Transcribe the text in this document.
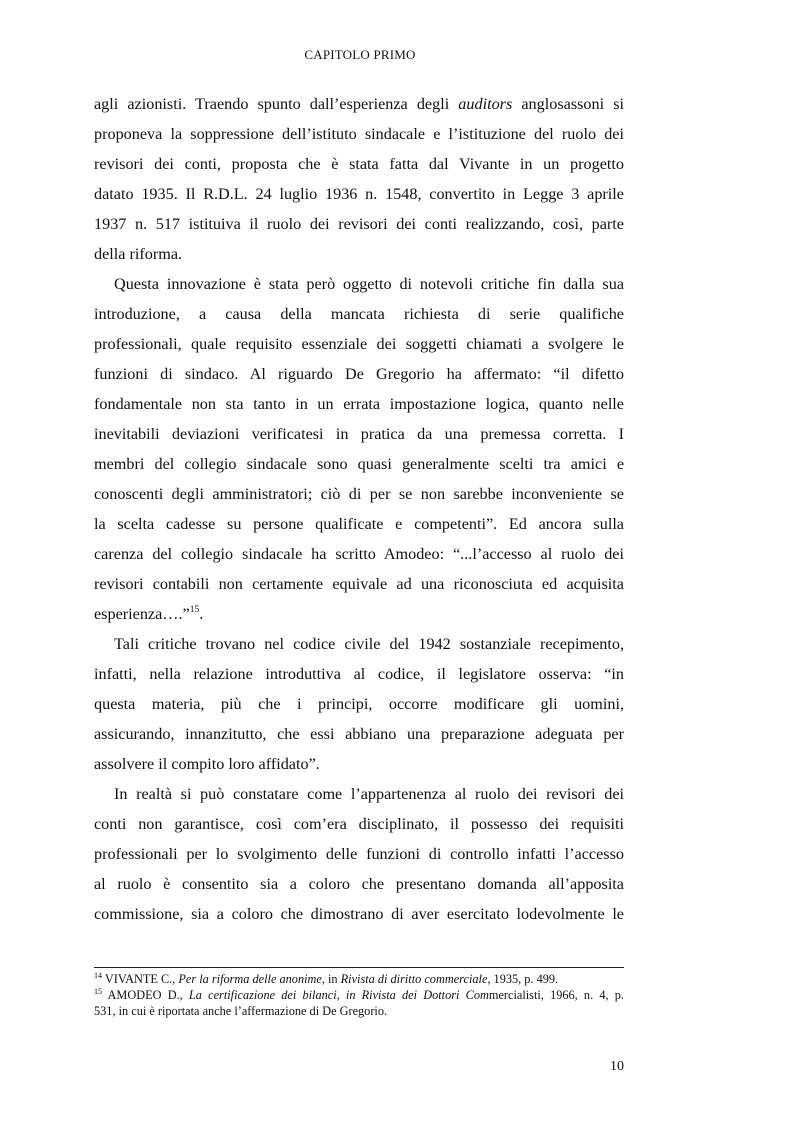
CAPITOLO PRIMO
agli azionisti. Traendo spunto dall’esperienza degli auditors anglosassoni si
proponeva la soppressione dell’istituto sindacale e l’istituzione del ruolo dei
revisori dei conti, proposta che è stata fatta dal Vivante in un progetto
datato 1935. Il R.D.L. 24 luglio 1936 n. 1548, convertito in Legge 3 aprile
1937 n. 517 istituiva il ruolo dei revisori dei conti realizzando, così, parte
della riforma.
Questa innovazione è stata però oggetto di notevoli critiche fin dalla sua
introduzione, a causa della mancata richiesta di serie qualifiche
professionali, quale requisito essenziale dei soggetti chiamati a svolgere le
funzioni di sindaco. Al riguardo De Gregorio ha affermato: “il difetto
fondamentale non sta tanto in un errata impostazione logica, quanto nelle
inevitabili deviazioni verificatesi in pratica da una premessa corretta. I
membri del collegio sindacale sono quasi generalmente scelti tra amici e
conoscenti degli amministratori; ciò di per se non sarebbe inconveniente se
la scelta cadesse su persone qualificate e competenti”. Ed ancora sulla
carenza del collegio sindacale ha scritto Amodeo: “...l’accesso al ruolo dei
revisori contabili non certamente equivale ad una riconosciuta ed acquisita
esperienza….”$^{15}$.
Tali critiche trovano nel codice civile del 1942 sostanziale recepimento,
infatti, nella relazione introduttiva al codice, il legislatore osserva: “in
questa materia, più che i principi, occorre modificare gli uomini,
assicurando, innanzitutto, che essi abbiano una preparazione adeguata per
assolvere il compito loro affidato”.
In realtà si può constatare come l’appartenenza al ruolo dei revisori dei
conti non garantisce, così com’era disciplinato, il possesso dei requisiti
professionali per lo svolgimento delle funzioni di controllo infatti l’accesso
al ruolo è consentito sia a coloro che presentano domanda all’apposita
commissione, sia a coloro che dimostrano di aver esercitato lodevolmente le
$^{14}$ VIVANTE C., Per la riforma delle anonime, in Rivista di diritto commerciale, 1935, p. 499.
$^{15}$ AMODEO D., La certificazione dei bilanci, in Rivista dei Dottori Commercialisti, 1966, n. 4, p.
531, in cui è riportata anche l’affermazione di De Gregorio.
10
